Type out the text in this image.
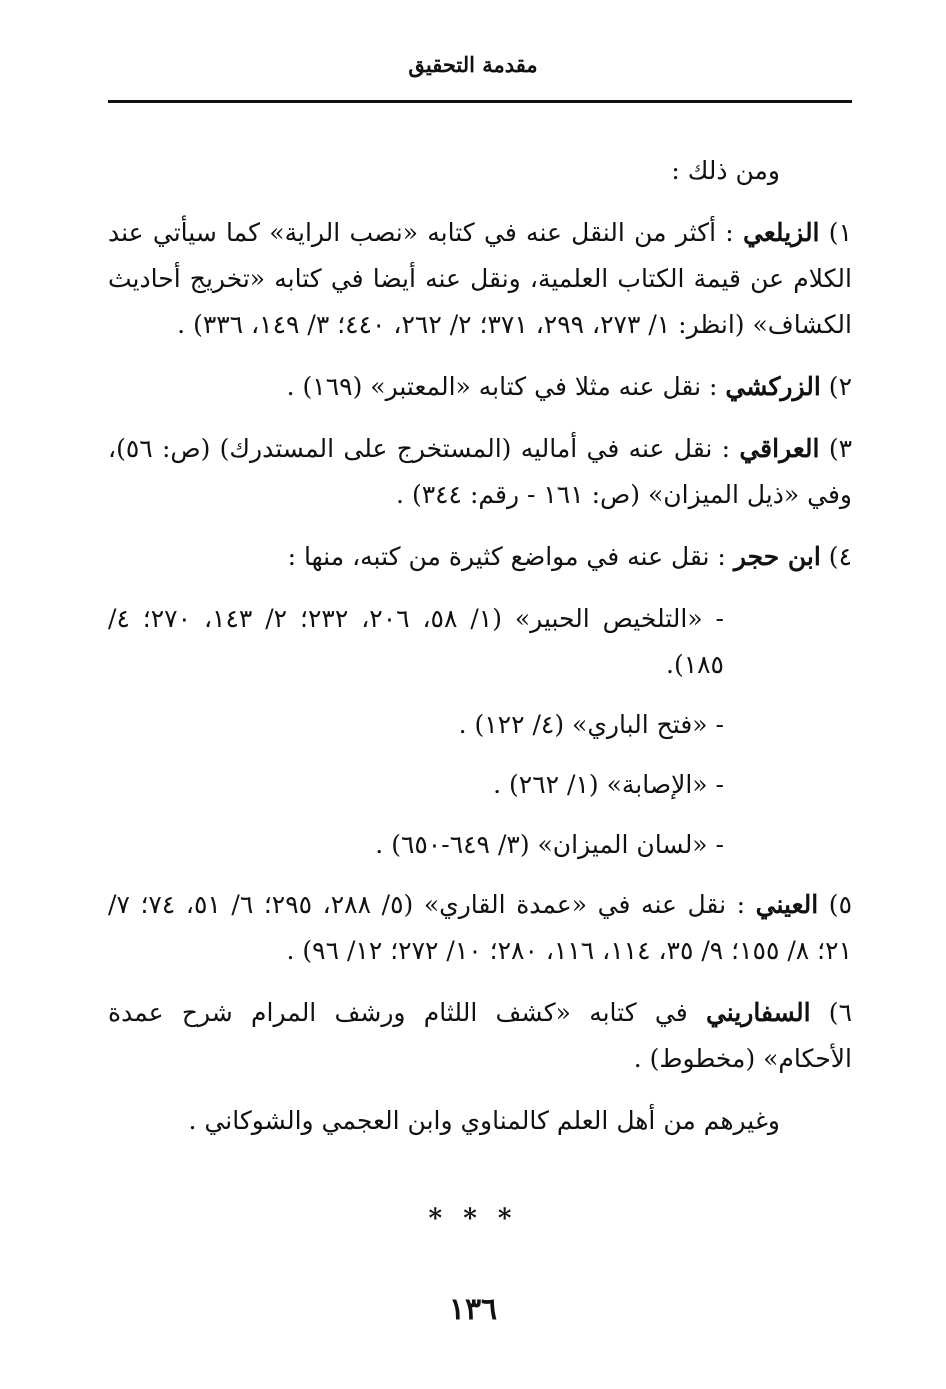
مقدمة التحقيق

ومن ذلك :

١) الزيلعي : أكثر من النقل عنه في كتابه «نصب الراية» كما سيأتي عند الكلام عن قيمة الكتاب العلمية، ونقل عنه أيضا في كتابه «تخريج أحاديث الكشاف» (انظر: ١/ ٢٧٣، ٢٩٩، ٣٧١؛ ٢/ ٢٦٢، ٤٤٠؛ ٣/ ١٤٩، ٣٣٦) .

٢) الزركشي : نقل عنه مثلا في كتابه «المعتبر» (١٦٩) .

٣) العراقي : نقل عنه في أماليه (المستخرج على المستدرك) (ص: ٥٦)، وفي «ذيل الميزان» (ص: ١٦١ - رقم: ٣٤٤) .

٤) ابن حجر : نقل عنه في مواضع كثيرة من كتبه، منها :

- «التلخيص الحبير» (١/ ٥٨، ٢٠٦، ٢٣٢؛ ٢/ ١٤٣، ٢٧٠؛ ٤/ ١٨٥).

- «فتح الباري» (٤/ ١٢٢) .

- «الإصابة» (١/ ٢٦٢) .

- «لسان الميزان» (٣/ ٦٤٩-٦٥٠) .

٥) العيني : نقل عنه في «عمدة القاري» (٥/ ٢٨٨، ٢٩٥؛ ٦/ ٥١، ٧٤؛ ٧/ ٢١؛ ٨/ ١٥٥؛ ٩/ ٣٥، ١١٤، ١١٦، ٢٨٠؛ ١٠/ ٢٧٢؛ ١٢/ ٩٦) .

٦) السفاريني في كتابه «كشف اللثام ورشف المرام شرح عمدة الأحكام» (مخطوط) .

وغيرهم من أهل العلم كالمناوي وابن العجمي والشوكاني .

* * *
١٣٦
